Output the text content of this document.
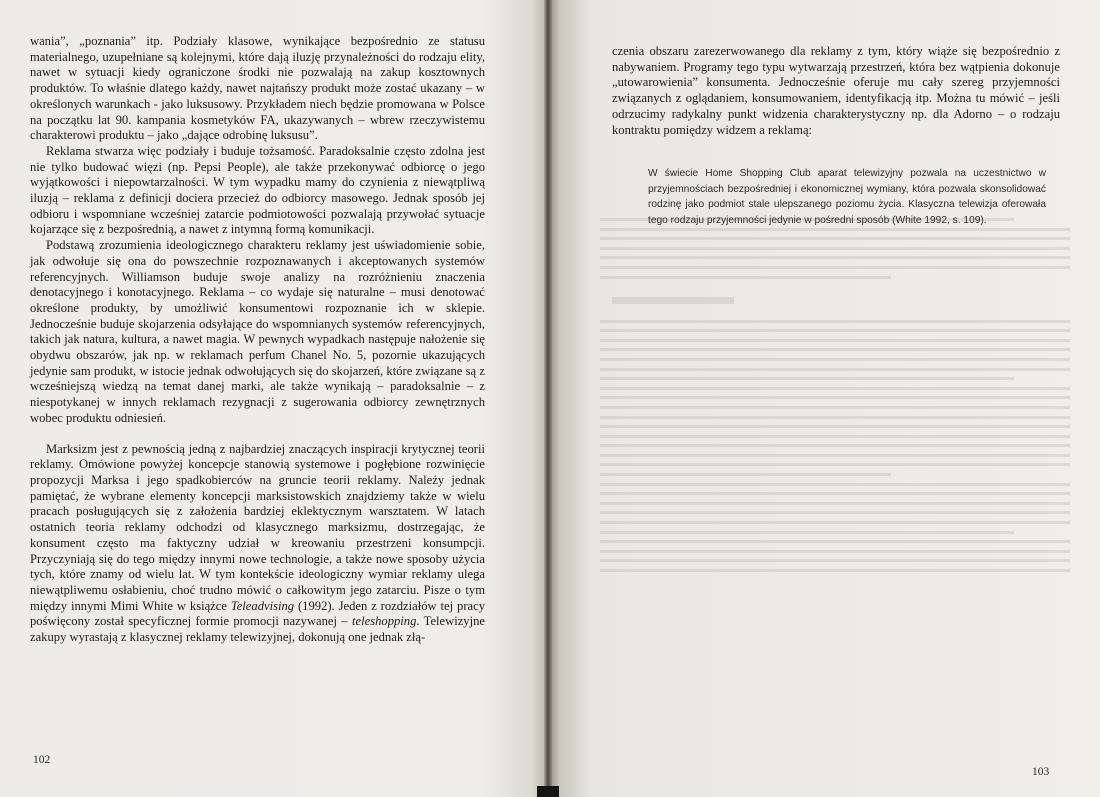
wania”, „poznania” itp. Podziały klasowe, wynikające bezpośrednio ze statusu materialnego, uzupełniane są kolejnymi, które dają iluzję przynależności do rodzaju elity, nawet w sytuacji kiedy ograniczone środki nie pozwalają na zakup kosztownych produktów. To właśnie dlatego każdy, nawet najtańszy produkt może zostać ukazany – w określonych warunkach - jako luksusowy. Przykładem niech będzie promowana w Polsce na początku lat 90. kampania kosmetyków FA, ukazywanych – wbrew rzeczywistemu charakterowi produktu – jako „dające odrobinę luksusu”.

Reklama stwarza więc podziały i buduje tożsamość. Paradoksalnie często zdolna jest nie tylko budować więzi (np. Pepsi People), ale także przekonywać odbiorcę o jego wyjątkowości i niepowtarzalności. W tym wypadku mamy do czynienia z niewątpliwą iluzją – reklama z definicji dociera przecież do odbiorcy masowego. Jednak sposób jej odbioru i wspomniane wcześniej zatarcie podmiotowości pozwalają przywołać sytuacje kojarzące się z bezpośrednią, a nawet z intymną formą komunikacji.

Podstawą zrozumienia ideologicznego charakteru reklamy jest uświadomienie sobie, jak odwołuje się ona do powszechnie rozpoznawanych i akceptowanych systemów referencyjnych. Williamson buduje swoje analizy na rozróżnieniu znaczenia denotacyjnego i konotacyjnego. Reklama – co wydaje się naturalne – musi denotować określone produkty, by umożliwić konsumentowi rozpoznanie ich w sklepie. Jednocześnie buduje skojarzenia odsyłające do wspomnianych systemów referencyjnych, takich jak natura, kultura, a nawet magia. W pewnych wypadkach następuje nałożenie się obydwu obszarów, jak np. w reklamach perfum Chanel No. 5, pozornie ukazujących jedynie sam produkt, w istocie jednak odwołujących się do skojarzeń, które związane są z wcześniejszą wiedzą na temat danej marki, ale także wynikają – paradoksalnie – z niespotykanej w innych reklamach rezygnacji z sugerowania odbiorcy zewnętrznych wobec produktu odniesień.

Marksizm jest z pewnością jedną z najbardziej znaczących inspiracji krytycznej teorii reklamy. Omówione powyżej koncepcje stanowią systemowe i pogłębione rozwinięcie propozycji Marksa i jego spadkobierców na gruncie teorii reklamy. Należy jednak pamiętać, że wybrane elementy koncepcji marksistowskich znajdziemy także w wielu pracach posługujących się z założenia bardziej eklektycznym warsztatem. W latach ostatnich teoria reklamy odchodzi od klasycznego marksizmu, dostrzegając, że konsument często ma faktyczny udział w kreowaniu przestrzeni konsumpcji. Przyczyniają się do tego między innymi nowe technologie, a także nowe sposoby użycia tych, które znamy od wielu lat. W tym kontekście ideologiczny wymiar reklamy ulega niewątpliwemu osłabieniu, choć trudno mówić o całkowitym jego zatarciu. Pisze o tym między innymi Mimi White w książce Teleadvising (1992). Jeden z rozdziałów tej pracy poświęcony został specyficznej formie promocji nazywanej – teleshopping. Telewizyjne zakupy wyrastają z klasycznej reklamy telewizyjnej, dokonują one jednak złą-

102

czenia obszaru zarezerwowanego dla reklamy z tym, który wiąże się bezpośrednio z nabywaniem. Programy tego typu wytwarzają przestrzeń, która bez wątpienia dokonuje „utowarowienia” konsumenta. Jednocześnie oferuje mu cały szereg przyjemności związanych z oglądaniem, konsumowaniem, identyfikacją itp. Można tu mówić – jeśli odrzucimy radykalny punkt widzenia charakterystyczny np. dla Adorno – o rodzaju kontraktu pomiędzy widzem a reklamą:

W świecie Home Shopping Club aparat telewizyjny pozwala na uczestnictwo w przyjemnościach bezpośredniej i ekonomicznej wymiany, która pozwala skonsolidować rodzinę jako podmiot stale ulepszanego poziomu życia. Klasyczna telewizja oferowała tego rodzaju przyjemności jedynie w pośredni sposób (White 1992, s. 109).

103
